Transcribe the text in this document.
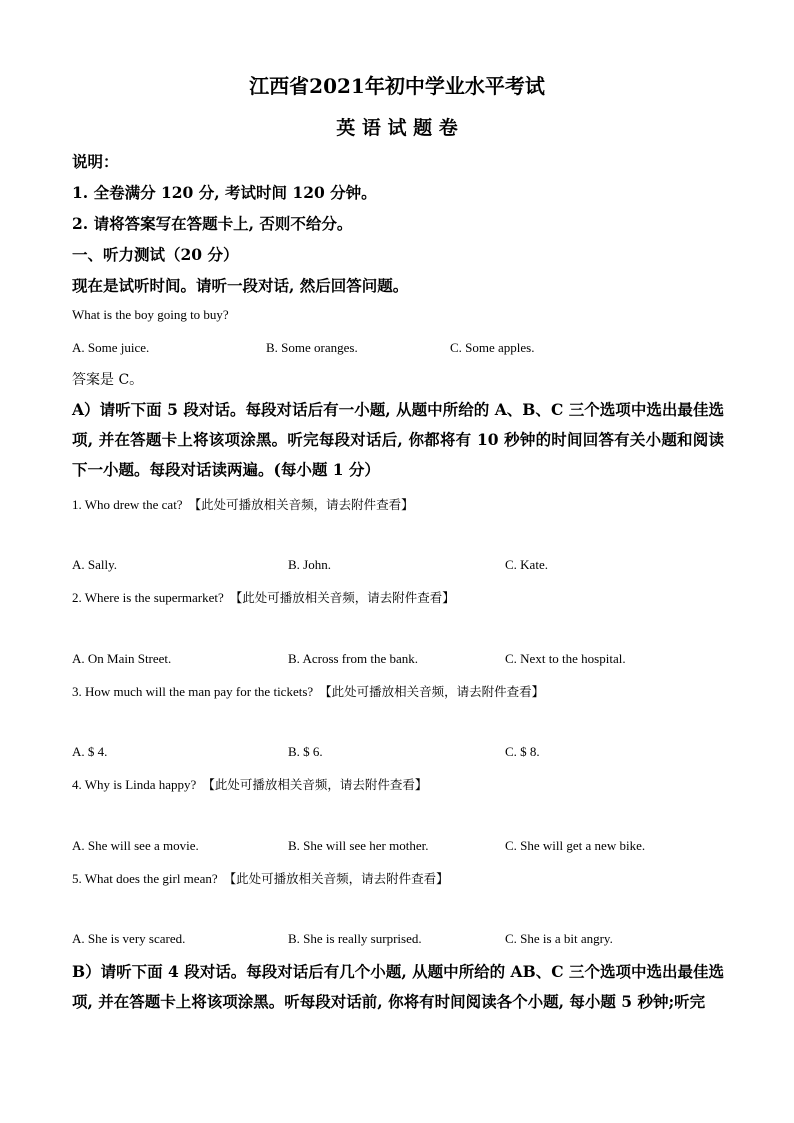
江西省2021年初中学业水平考试
英 语 试 题 卷
说明：
1. 全卷满分 120 分, 考试时间 120 分钟。
2. 请将答案写在答题卡上, 否则不给分。
一、听力测试（20 分）
现在是试听时间。请听一段对话, 然后回答问题。
What is the boy going to buy?
A. Some juice.	B. Some oranges.	C. Some apples.
答案是 C。
A）请听下面 5 段对话。每段对话后有一小题, 从题中所给的 A、B、C 三个选项中选出最佳选项, 并在答题卡上将该项涂黑。听完每段对话后, 你都将有 10 秒钟的时间回答有关小题和阅读下一小题。每段对话读两遍。(每小题 1 分）
1. Who drew the cat? 【此处可播放相关音频，请去附件查看】
A. Sally.	B. John.	C. Kate.
2. Where is the supermarket? 【此处可播放相关音频，请去附件查看】
A. On Main Street.	B. Across from the bank.	C. Next to the hospital.
3. How much will the man pay for the tickets? 【此处可播放相关音频，请去附件查看】
A. $ 4.	B. $ 6.	C. $ 8.
4. Why is Linda happy? 【此处可播放相关音频，请去附件查看】
A. She will see a movie.	B. She will see her mother.	C. She will get a new bike.
5. What does the girl mean? 【此处可播放相关音频，请去附件查看】
A. She is very scared.	B. She is really surprised.	C. She is a bit angry.
B）请听下面 4 段对话。每段对话后有几个小题, 从题中所给的 AB、C 三个选项中选出最佳选项, 并在答题卡上将该项涂黑。听每段对话前, 你将有时间阅读各个小题, 每小题 5 秒钟;听完
